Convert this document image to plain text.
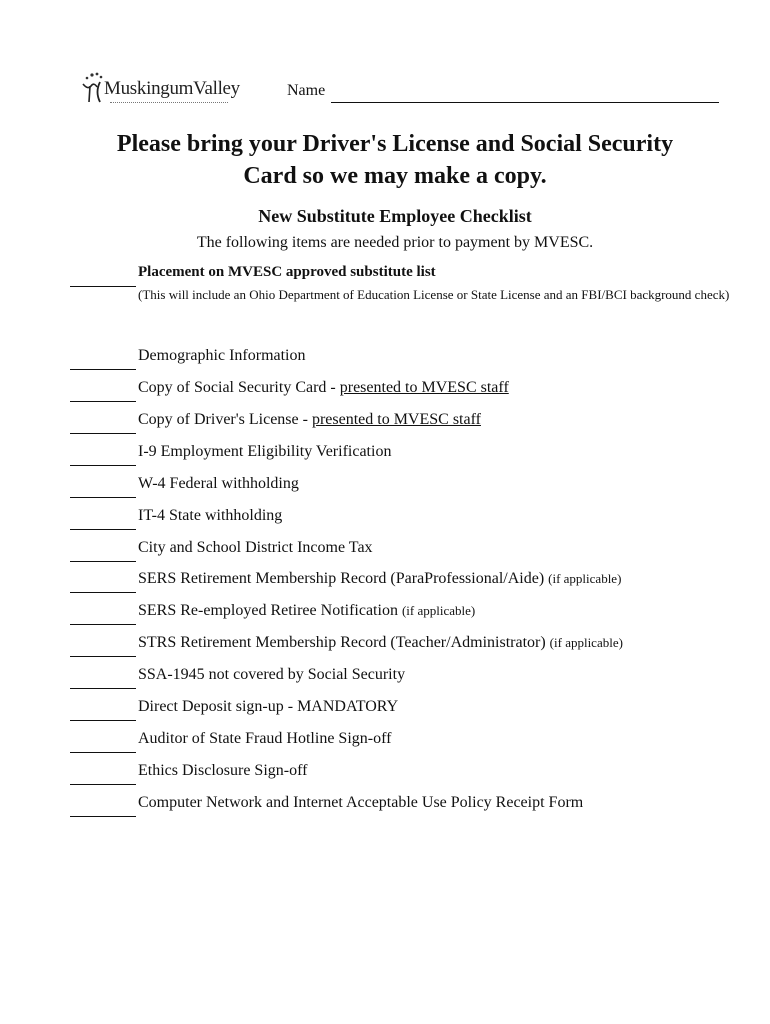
MuskingumValley	Name
Please bring your Driver's License and Social Security
Card so we may make a copy.
New Substitute Employee Checklist
The following items are needed prior to payment by MVESC.
Placement on MVESC approved substitute list
(This will include an Ohio Department of Education License or State License and an FBI/BCI background check)
Demographic Information
Copy of Social Security Card - presented to MVESC staff
Copy of Driver's License - presented to MVESC staff
I-9 Employment Eligibility Verification
W-4 Federal withholding
IT-4 State withholding
City and School District Income Tax
SERS Retirement Membership Record (ParaProfessional/Aide) (if applicable)
SERS Re-employed Retiree Notification (if applicable)
STRS Retirement Membership Record (Teacher/Administrator) (if applicable)
SSA-1945 not covered by Social Security
Direct Deposit sign-up - MANDATORY
Auditor of State Fraud Hotline Sign-off
Ethics Disclosure Sign-off
Computer Network and Internet Acceptable Use Policy Receipt Form
